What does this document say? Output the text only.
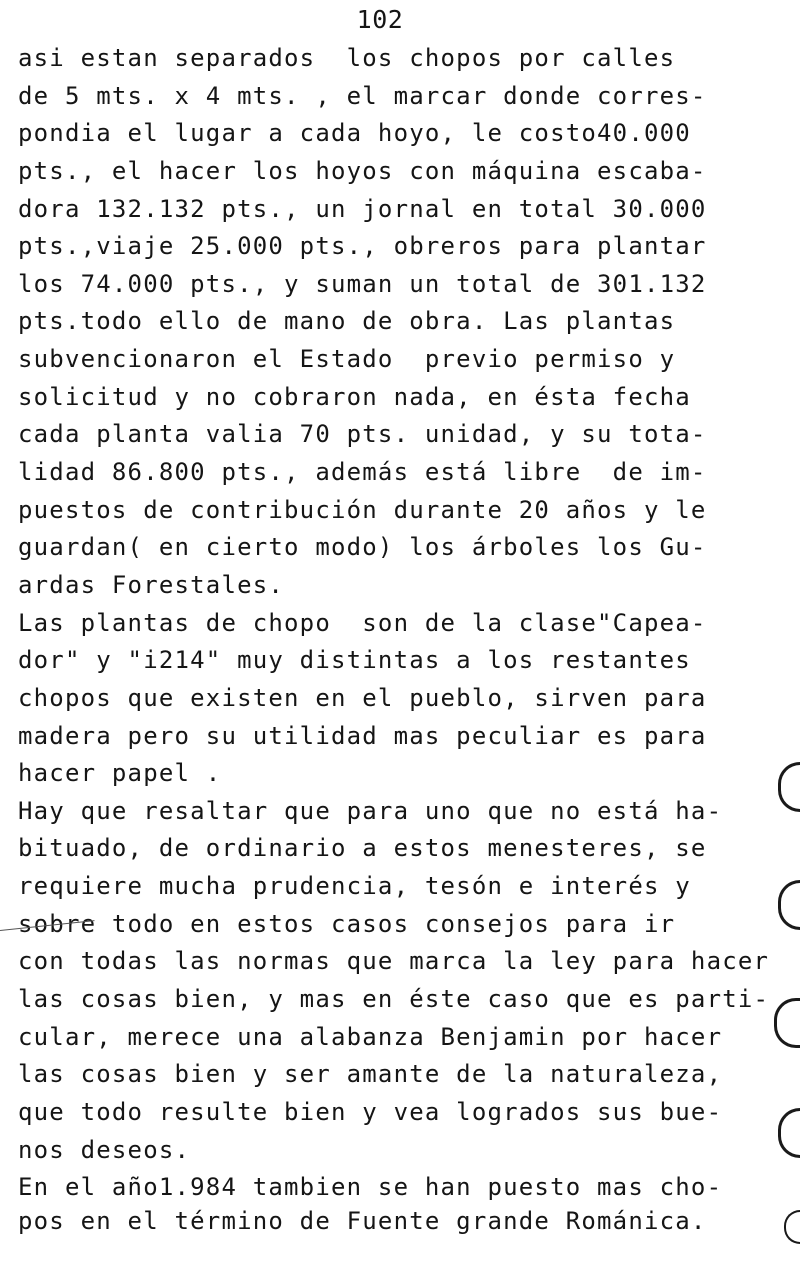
102
asi estan separados  los chopos por calles
de 5 mts. x 4 mts. , el marcar donde corres-
pondia el lugar a cada hoyo, le costo40.000
pts., el hacer los hoyos con máquina escaba-
dora 132.132 pts., un jornal en total 30.000
pts.,viaje 25.000 pts., obreros para plantar
los 74.000 pts., y suman un total de 301.132
pts.todo ello de mano de obra. Las plantas
subvencionaron el Estado  previo permiso y
solicitud y no cobraron nada, en ésta fecha
cada planta valia 70 pts. unidad, y su tota-
lidad 86.800 pts., además está libre  de im-
puestos de contribución durante 20 años y le
guardan( en cierto modo) los árboles los Gu-
ardas Forestales.
Las plantas de chopo  son de la clase"Capea-
dor" y "i214" muy distintas a los restantes
chopos que existen en el pueblo, sirven para
madera pero su utilidad mas peculiar es para
hacer papel .
Hay que resaltar que para uno que no está ha-
bituado, de ordinario a estos menesteres, se
requiere mucha prudencia, tesón e interés y
sobre todo en estos casos consejos para ir
con todas las normas que marca la ley para hacer
las cosas bien, y mas en éste caso que es parti-
cular, merece una alabanza Benjamin por hacer
las cosas bien y ser amante de la naturaleza,
que todo resulte bien y vea logrados sus bue-
nos deseos.
En el año1.984 tambien se han puesto mas cho-
pos en el término de Fuente grande Románica.
